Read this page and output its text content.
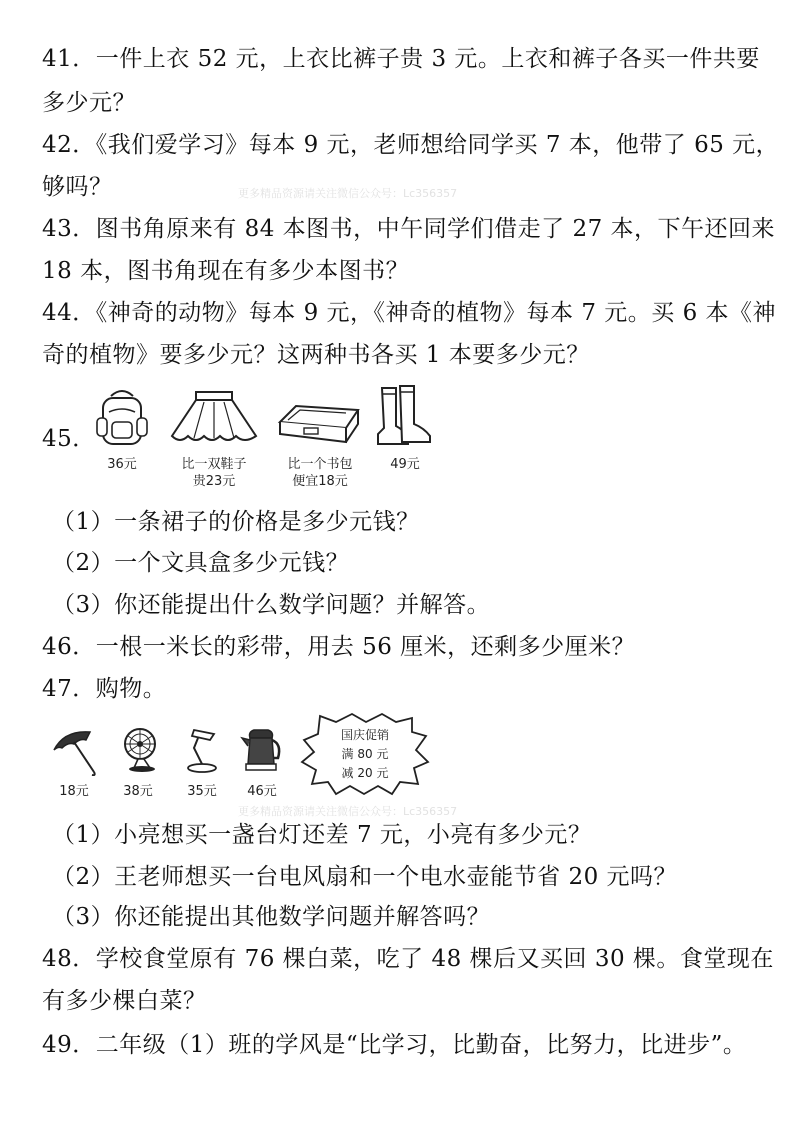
更多精品资源请关注微信公众号：Lc356357
更多精品资源请关注微信公众号：Lc356357
41．一件上衣 52 元，上衣比裤子贵 3 元。上衣和裤子各买一件共要
多少元？
42．《我们爱学习》每本 9 元，老师想给同学买 7 本，他带了 65 元，
够吗？
43．图书角原来有 84 本图书，中午同学们借走了 27 本，下午还回来
18 本，图书角现在有多少本图书？
44．《神奇的动物》每本 9 元，《神奇的植物》每本 7 元。买 6 本《神
奇的植物》要多少元？这两种书各买 1 本要多少元？
45．
36元	比一双鞋子
贵23元
比一个书包
便宜18元
49元
（1）一条裙子的价格是多少元钱？
（2）一个文具盒多少元钱？
（3）你还能提出什么数学问题？并解答。
46．一根一米长的彩带，用去 56 厘米，还剩多少厘米？
47．购物。
18元	38元	35元	46元
国庆促销
满 80 元
减 20 元
（1）小亮想买一盏台灯还差 7 元，小亮有多少元？
（2）王老师想买一台电风扇和一个电水壶能节省 20 元吗？
（3）你还能提出其他数学问题并解答吗？
48．学校食堂原有 76 棵白菜，吃了 48 棵后又买回 30 棵。食堂现在
有多少棵白菜？
49．二年级（1）班的学风是“比学习，比勤奋，比努力，比进步”。
